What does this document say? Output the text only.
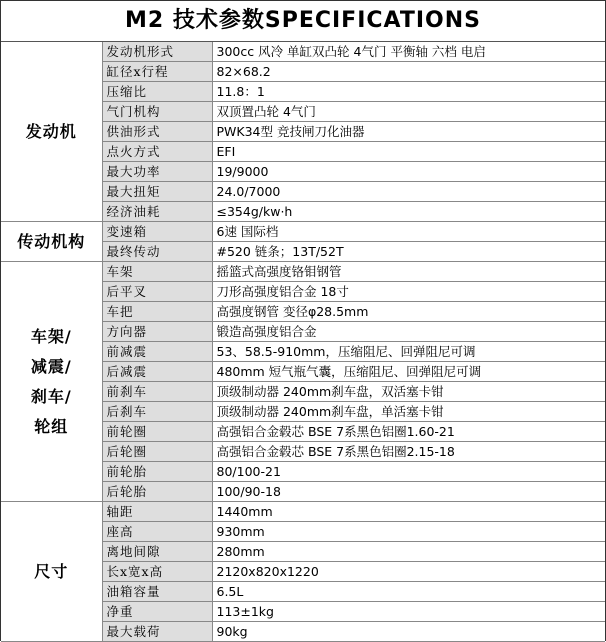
M2 技术参数SPECIFICATIONS
发动机	发动机形式	300cc 风冷 单缸双凸轮 4气门 平衡轴 六档 电启
	缸径x行程	82×68.2
	压缩比	11.8：1
	气门机构	双顶置凸轮 4气门
	供油形式	PWK34型 竞技闸刀化油器
	点火方式	EFI
	最大功率	19/9000
	最大扭矩	24.0/7000
	经济油耗	≤354g/kw·h
传动机构	变速箱	6速 国际档
	最终传动	#520 链条；13T/52T

车架/
减震/
刹车/
轮组	车架	摇篮式高强度铬钼钢管
	后平叉	刀形高强度铝合金 18寸
	车把	高强度钢管 变径φ28.5mm
	方向器	锻造高强度铝合金
	前减震	53、58.5-910mm，压缩阻尼、回弹阻尼可调
	后减震	480mm 短气瓶气囊，压缩阻尼、回弹阻尼可调
	前刹车	顶级制动器 240mm刹车盘，双活塞卡钳
	后刹车	顶级制动器 240mm刹车盘，单活塞卡钳
	前轮圈	高强铝合金毂芯 BSE 7系黑色铝圈1.60-21
	后轮圈	高强铝合金毂芯 BSE 7系黑色铝圈2.15-18
	前轮胎	80/100-21
	后轮胎	100/90-18
尺寸	轴距	1440mm
	座高	930mm
	离地间隙	280mm
	长x宽x高	2120x820x1220
	油箱容量	6.5L
	净重	113±1kg
	最大载荷	90kg
